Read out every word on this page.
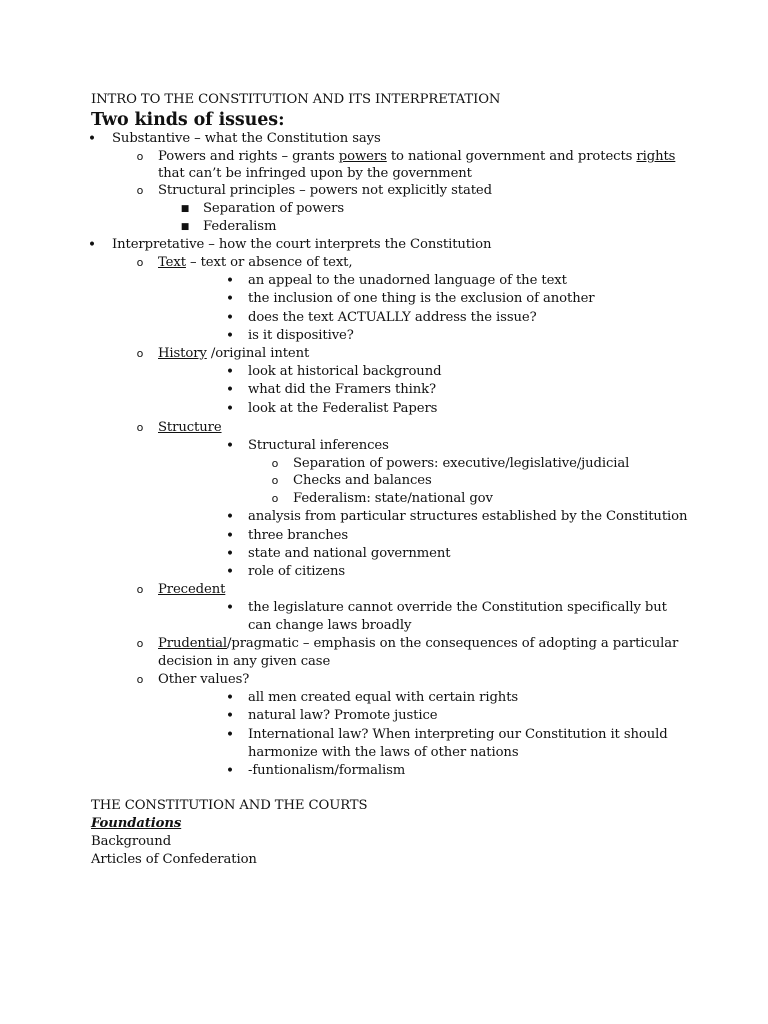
INTRO TO THE CONSTITUTION AND ITS INTERPRETATION
Two kinds of issues:
• Substantive – what the Constitution says
o Powers and rights – grants powers to national government and protects rights
that can’t be infringed upon by the government
o Structural principles – powers not explicitly stated
■ Separation of powers
■ Federalism
• Interpretative – how the court interprets the Constitution
o Text – text or absence of text,
• an appeal to the unadorned language of the text
• the inclusion of one thing is the exclusion of another
• does the text ACTUALLY address the issue?
• is it dispositive?
o History /original intent
• look at historical background
• what did the Framers think?
• look at the Federalist Papers
o Structure
• Structural inferences
o Separation of powers: executive/legislative/judicial
o Checks and balances
o Federalism: state/national gov
• analysis from particular structures established by the Constitution
• three branches
• state and national government
• role of citizens
o Precedent
• the legislature cannot override the Constitution specifically but
can change laws broadly
o Prudential/pragmatic – emphasis on the consequences of adopting a particular
decision in any given case
o Other values?
• all men created equal with certain rights
• natural law? Promote justice
• International law? When interpreting our Constitution it should
harmonize with the laws of other nations
• -funtionalism/formalism
THE CONSTITUTION AND THE COURTS
Foundations
Background
Articles of Confederation
